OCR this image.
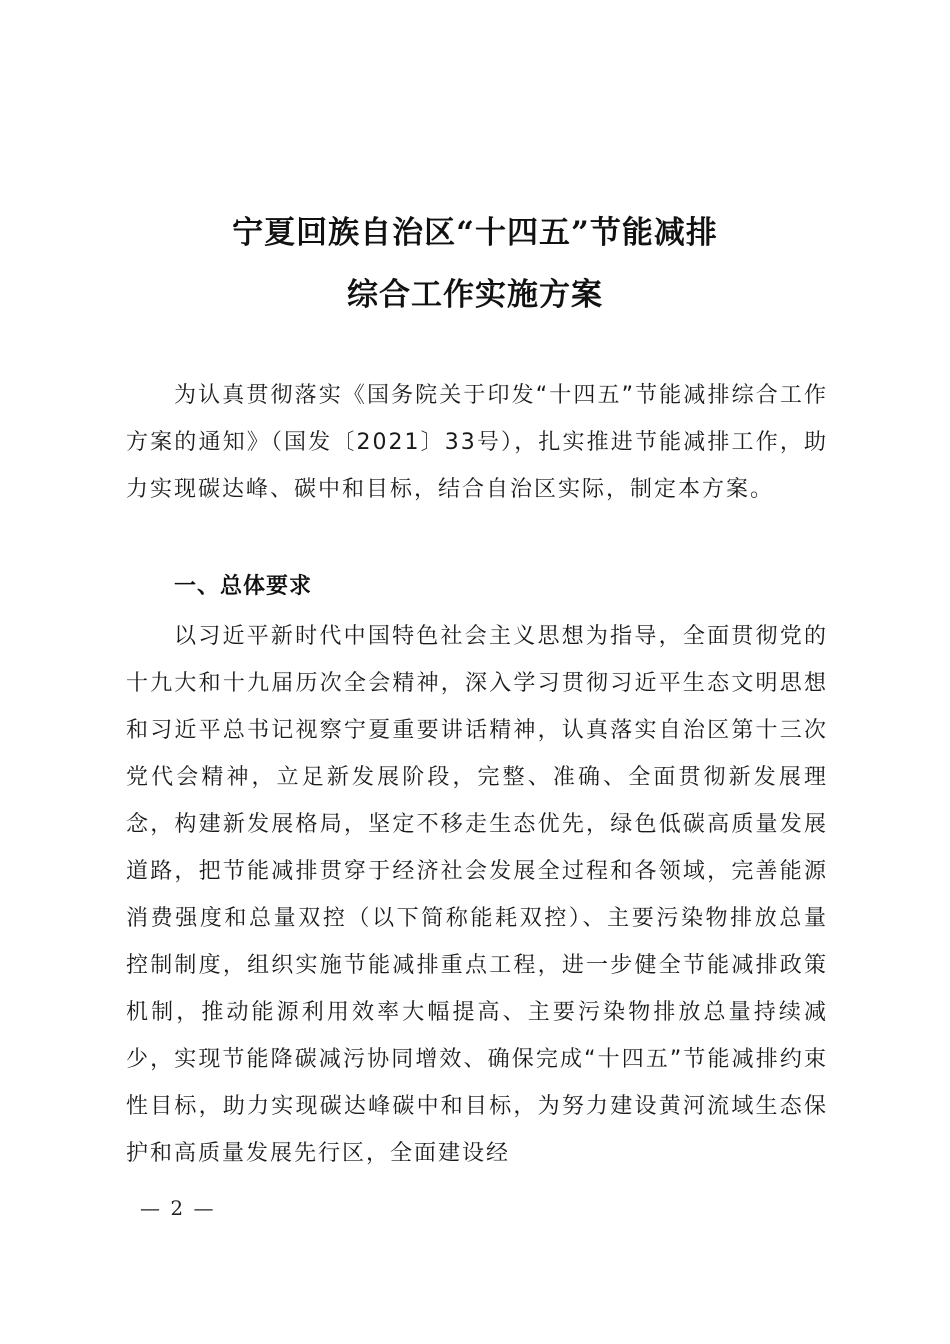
宁夏回族自治区“十四五”节能减排
综合工作实施方案

为认真贯彻落实《国务院关于印发“十四五”节能减排综合工作方案的通知》（国发〔2021〕33号），扎实推进节能减排工作，助力实现碳达峰、碳中和目标，结合自治区实际，制定本方案。

一、总体要求

以习近平新时代中国特色社会主义思想为指导，全面贯彻党的十九大和十九届历次全会精神，深入学习贯彻习近平生态文明思想和习近平总书记视察宁夏重要讲话精神，认真落实自治区第十三次党代会精神，立足新发展阶段，完整、准确、全面贯彻新发展理念，构建新发展格局，坚定不移走生态优先，绿色低碳高质量发展道路，把节能减排贯穿于经济社会发展全过程和各领域，完善能源消费强度和总量双控（以下简称能耗双控）、主要污染物排放总量控制制度，组织实施节能减排重点工程，进一步健全节能减排政策机制，推动能源利用效率大幅提高、主要污染物排放总量持续减少，实现节能降碳减污协同增效、确保完成“十四五”节能减排约束性目标，助力实现碳达峰碳中和目标，为努力建设黄河流域生态保护和高质量发展先行区，全面建设经

— 2 —
